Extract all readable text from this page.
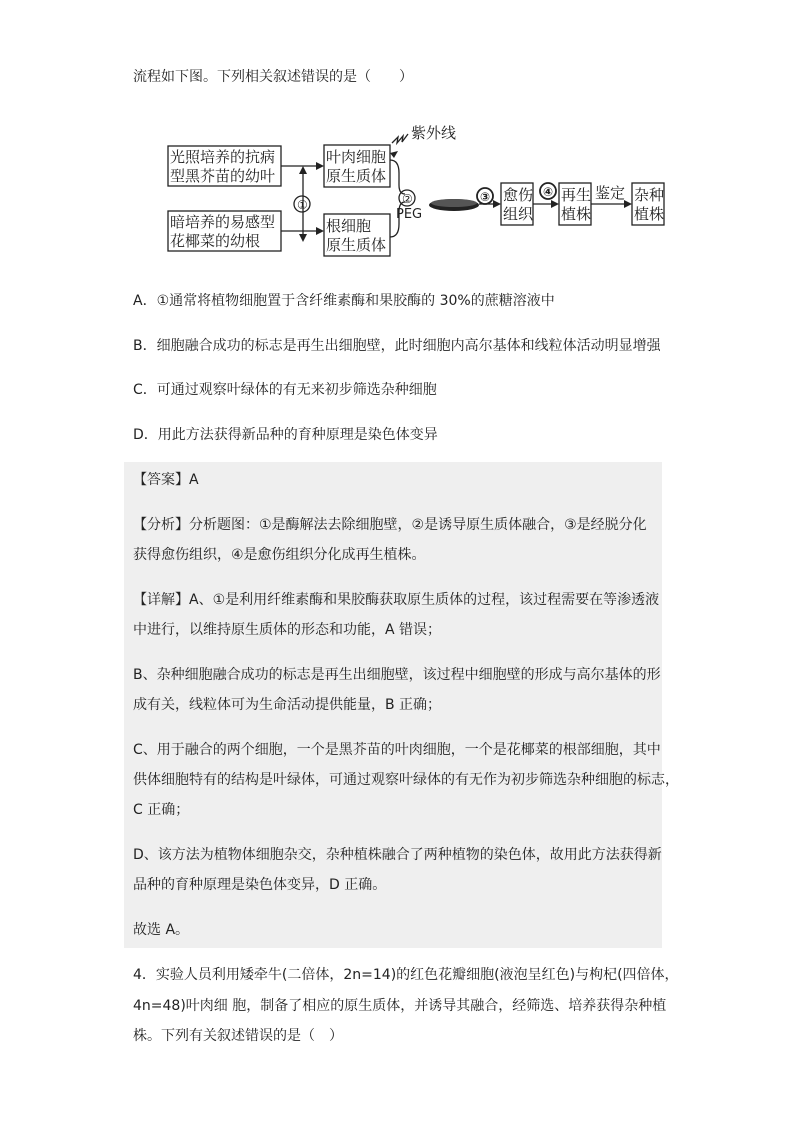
流程如下图。下列相关叙述错误的是（　　）
光照培养的抗病 型黑芥苗的幼叶 暗培养的易感型 花椰菜的幼根 叶肉细胞 原生质体 根细胞 原生质体 愈伤 组织 再生 植株 杂种 植株
紫外线
鉴定
PEG
①	②	③	④
A．①通常将植物细胞置于含纤维素酶和果胶酶的 30%的蔗糖溶液中
B．细胞融合成功的标志是再生出细胞壁，此时细胞内高尔基体和线粒体活动明显增强
C．可通过观察叶绿体的有无来初步筛选杂种细胞
D．用此方法获得新品种的育种原理是染色体变异
【答案】A
【分析】分析题图：①是酶解法去除细胞壁，②是诱导原生质体融合，③是经脱分化
获得愈伤组织，④是愈伤组织分化成再生植株。
【详解】A、①是利用纤维素酶和果胶酶获取原生质体的过程，该过程需要在等渗透液
中进行，以维持原生质体的形态和功能，A 错误；
B、杂种细胞融合成功的标志是再生出细胞壁，该过程中细胞壁的形成与高尔基体的形
成有关，线粒体可为生命活动提供能量，B 正确；
C、用于融合的两个细胞，一个是黑芥苗的叶肉细胞，一个是花椰菜的根部细胞，其中
供体细胞特有的结构是叶绿体，可通过观察叶绿体的有无作为初步筛选杂种细胞的标志，
C 正确；
D、该方法为植物体细胞杂交，杂种植株融合了两种植物的染色体，故用此方法获得新
品种的育种原理是染色体变异，D 正确。
故选 A。
4．实验人员利用矮牵牛(二倍体，2n=14)的红色花瓣细胞(液泡呈红色)与枸杞(四倍体，
4n=48)叶肉细 胞，制备了相应的原生质体，并诱导其融合，经筛选、培养获得杂种植
株。下列有关叙述错误的是（　）
